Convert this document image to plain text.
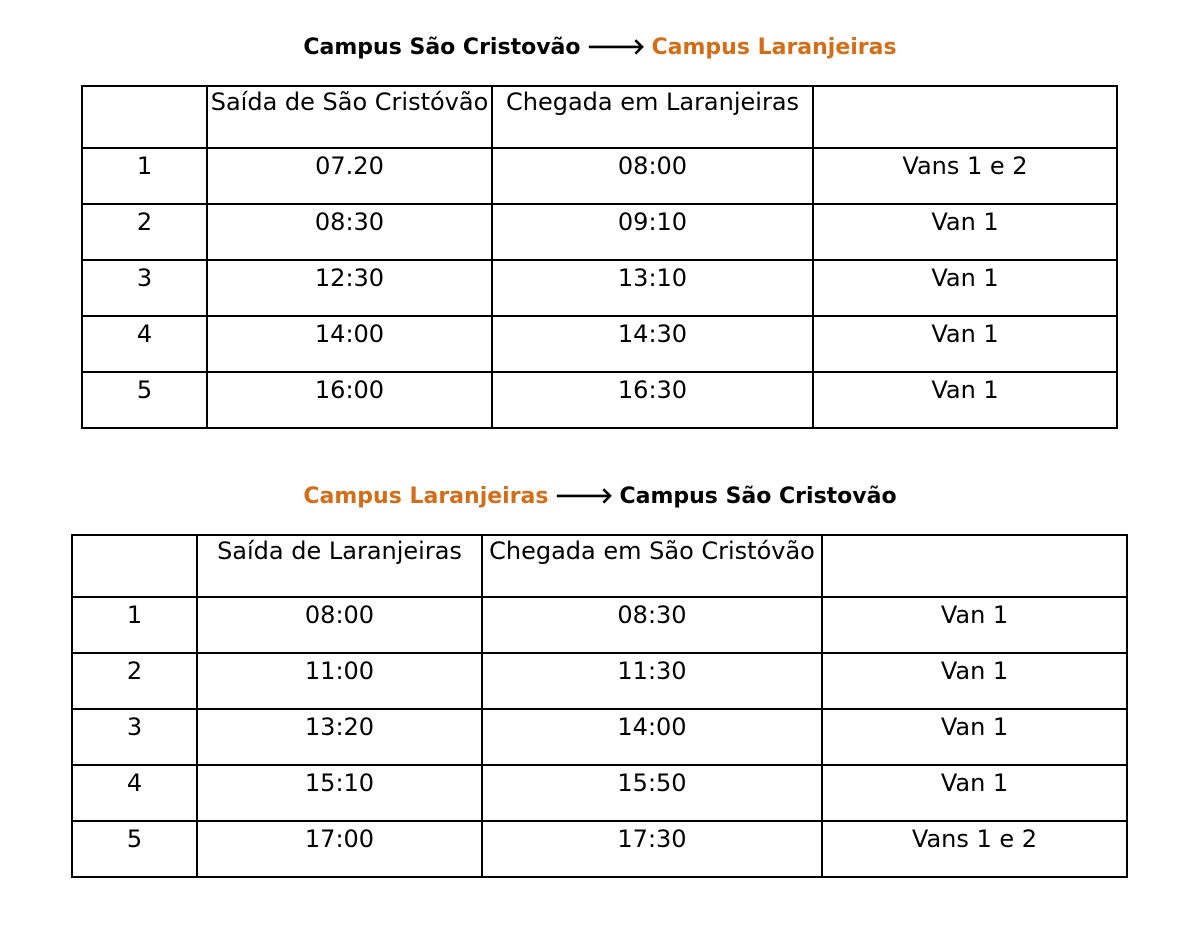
Campus São Cristovão 🡒 Campus Laranjeiras
	Saída de São Cristóvão	Chegada em Laranjeiras	
1	07.20	08:00	Vans 1 e 2
2	08:30	09:10	Van 1
3	12:30	13:10	Van 1
4	14:00	14:30	Van 1
5	16:00	16:30	Van 1
Campus Laranjeiras 🡒 Campus São Cristovão
	Saída de Laranjeiras	Chegada em São Cristóvão	
1	08:00	08:30	Van 1
2	11:00	11:30	Van 1
3	13:20	14:00	Van 1
4	15:10	15:50	Van 1
5	17:00	17:30	Vans 1 e 2
